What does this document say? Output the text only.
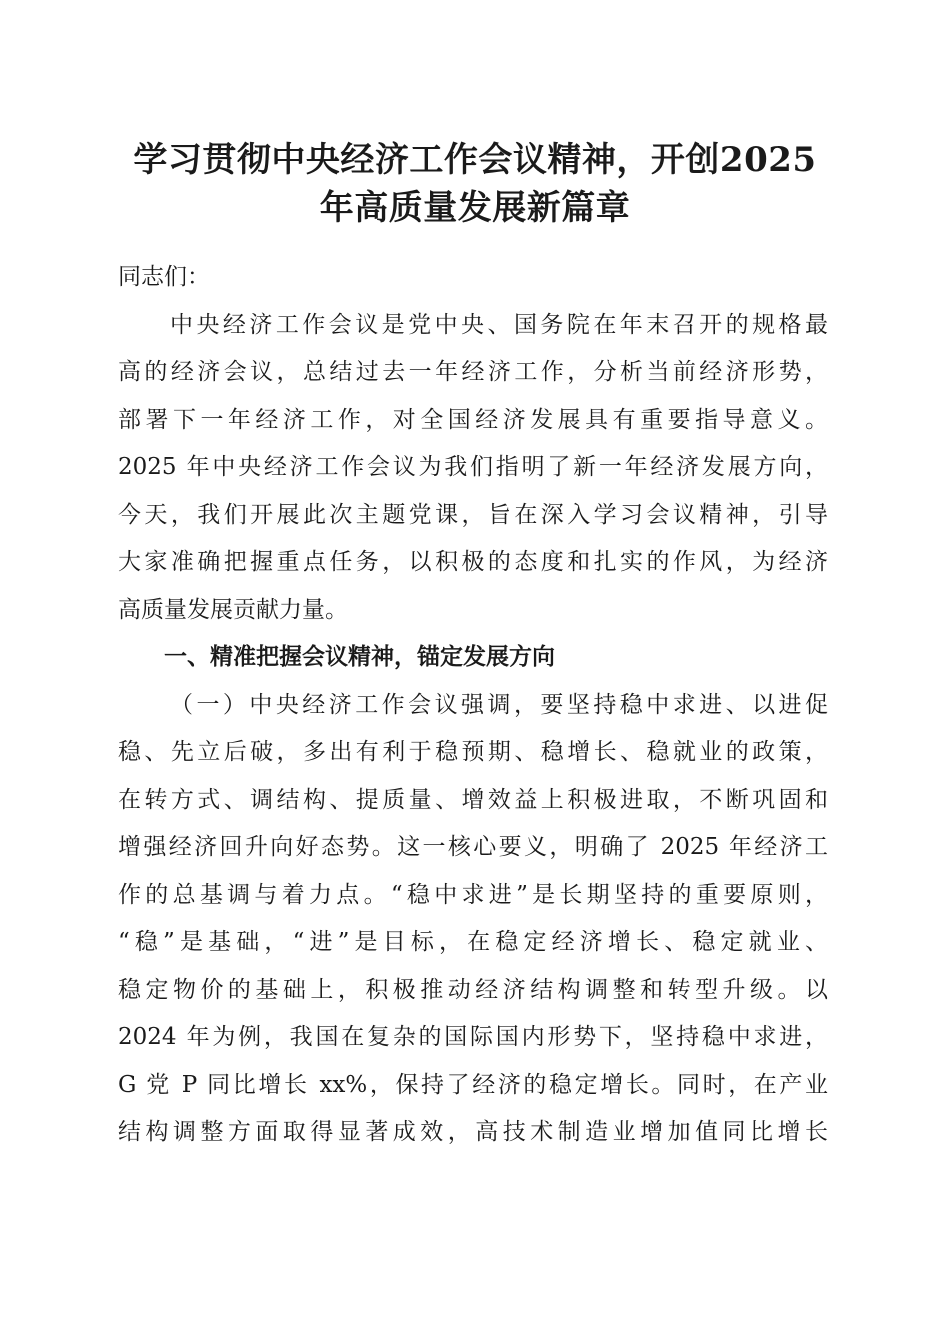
学习贯彻中央经济工作会议精神，开创2025
年高质量发展新篇章
同志们：
中央经济工作会议是党中央、国务院在年末召开的规格最
高的经济会议，总结过去一年经济工作，分析当前经济形势，
部署下一年经济工作，对全国经济发展具有重要指导意义。
2025 年中央经济工作会议为我们指明了新一年经济发展方向，
今天，我们开展此次主题党课，旨在深入学习会议精神，引导
大家准确把握重点任务，以积极的态度和扎实的作风，为经济
高质量发展贡献力量。
一、精准把握会议精神，锚定发展方向
（一）中央经济工作会议强调，要坚持稳中求进、以进促
稳、先立后破，多出有利于稳预期、稳增长、稳就业的政策，
在转方式、调结构、提质量、增效益上积极进取，不断巩固和
增强经济回升向好态势。这一核心要义，明确了 2025 年经济工
作的总基调与着力点。“稳中求进”是长期坚持的重要原则，
“稳”是基础，“进”是目标，在稳定经济增长、稳定就业、
稳定物价的基础上，积极推动经济结构调整和转型升级。以
2024 年为例，我国在复杂的国际国内形势下，坚持稳中求进，
G 党 P 同比增长 xx%，保持了经济的稳定增长。同时，在产业
结构调整方面取得显著成效，高技术制造业增加值同比增长
